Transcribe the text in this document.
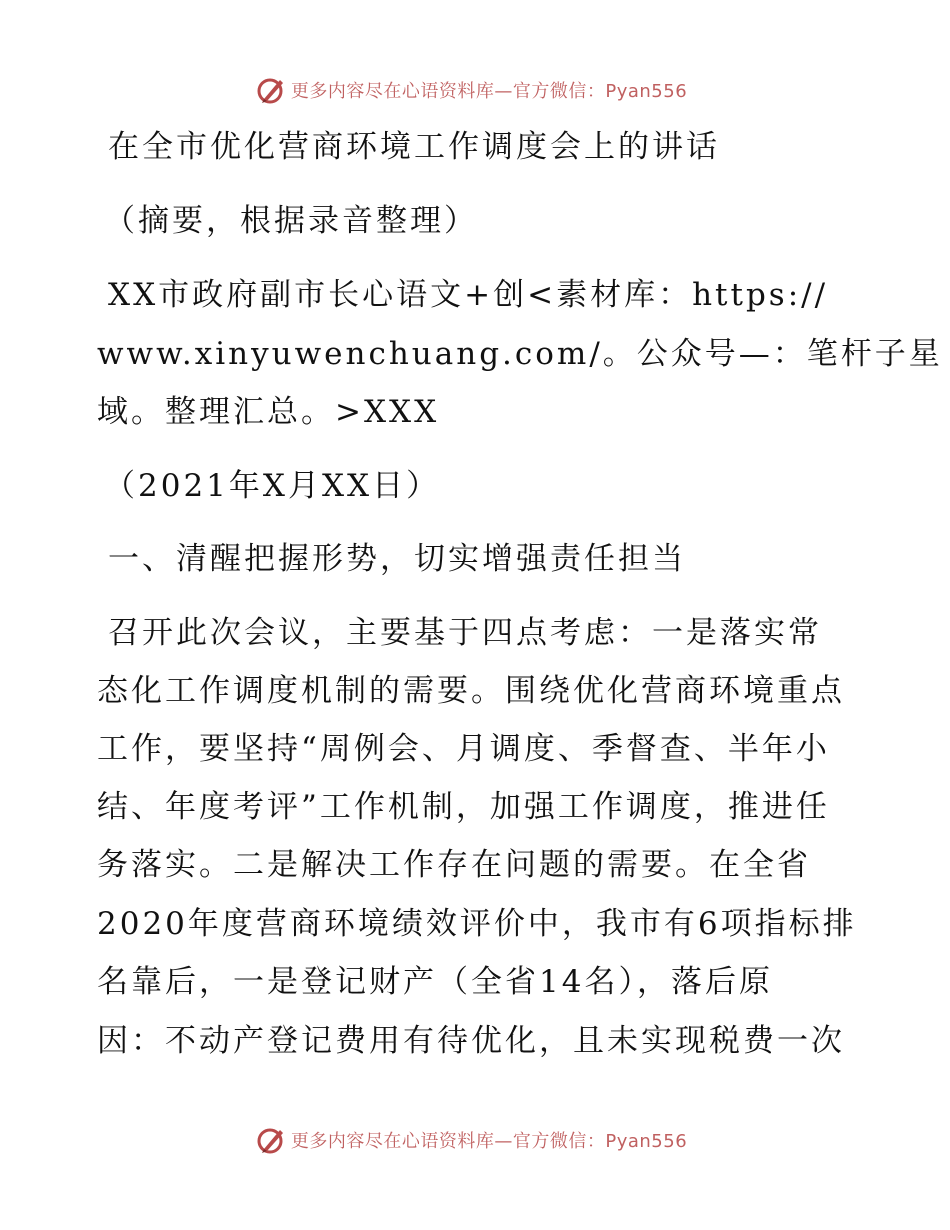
更多内容尽在心语资料库—官方微信：Pyan556
在全市优化营商环境工作调度会上的讲话
（摘要，根据录音整理）
XX市政府副市长心语文+创<素材库：https://
www.xinyuwenchuang.com/。公众号—：笔杆子星
域。整理汇总。>XXX
（2021年X月XX日）
一、清醒把握形势，切实增强责任担当
召开此次会议，主要基于四点考虑：一是落实常
态化工作调度机制的需要。围绕优化营商环境重点
工作，要坚持“周例会、月调度、季督查、半年小
结、年度考评”工作机制，加强工作调度，推进任
务落实。二是解决工作存在问题的需要。在全省
2020年度营商环境绩效评价中，我市有6项指标排
名靠后，一是登记财产（全省14名），落后原
因：不动产登记费用有待优化，且未实现税费一次
更多内容尽在心语资料库—官方微信：Pyan556
